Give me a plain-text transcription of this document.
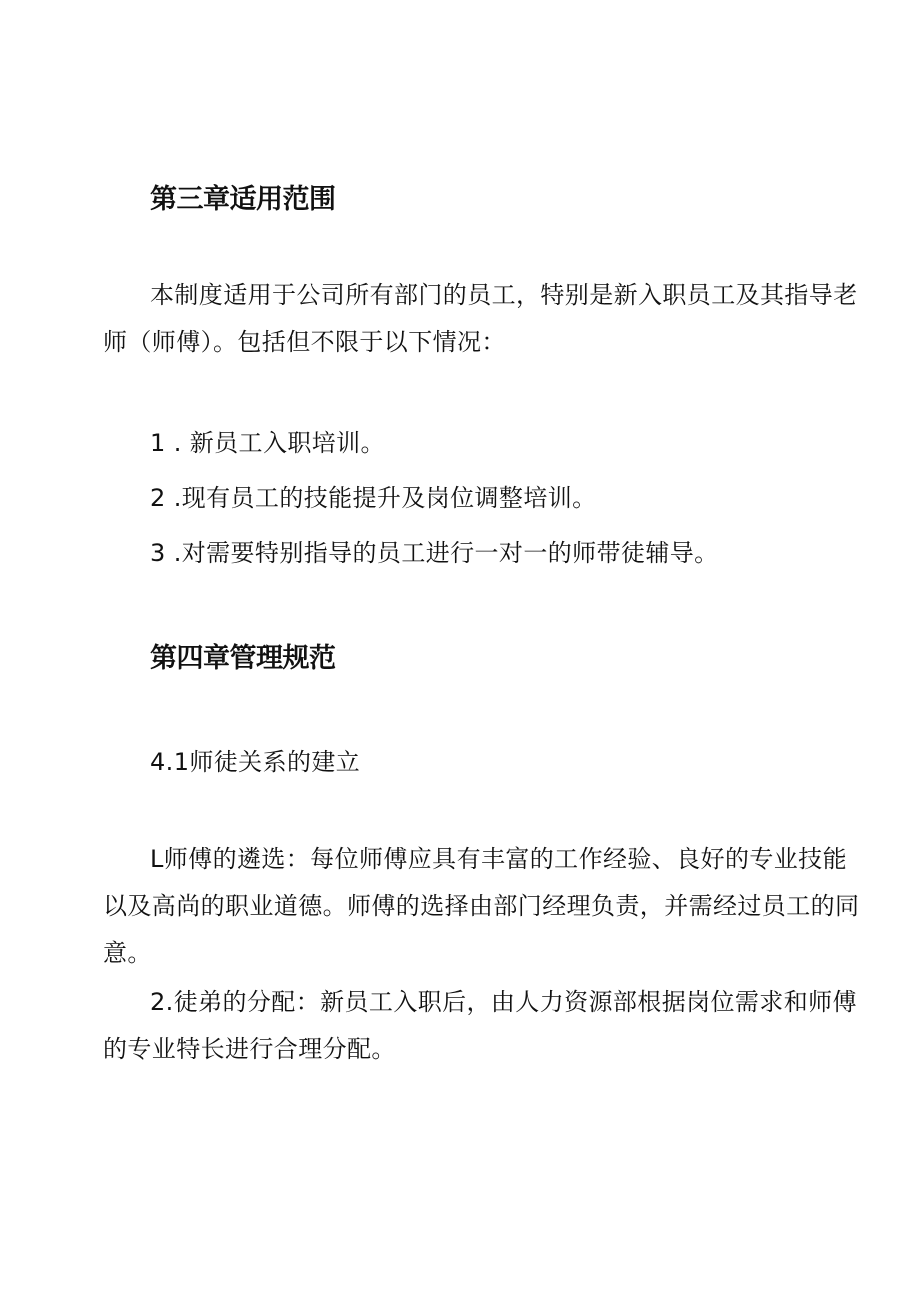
第三章适用范围
本制度适用于公司所有部门的员工，特别是新入职员工及其指导老
师（师傅）。包括但不限于以下情况：
1 . 新员工入职培训。
2 .现有员工的技能提升及岗位调整培训。
3 .对需要特别指导的员工进行一对一的师带徒辅导。
第四章管理规范
4.1师徒关系的建立
L师傅的遴选：每位师傅应具有丰富的工作经验、良好的专业技能
以及高尚的职业道德。师傅的选择由部门经理负责，并需经过员工的同
意。
2.徒弟的分配：新员工入职后，由人力资源部根据岗位需求和师傅
的专业特长进行合理分配。
